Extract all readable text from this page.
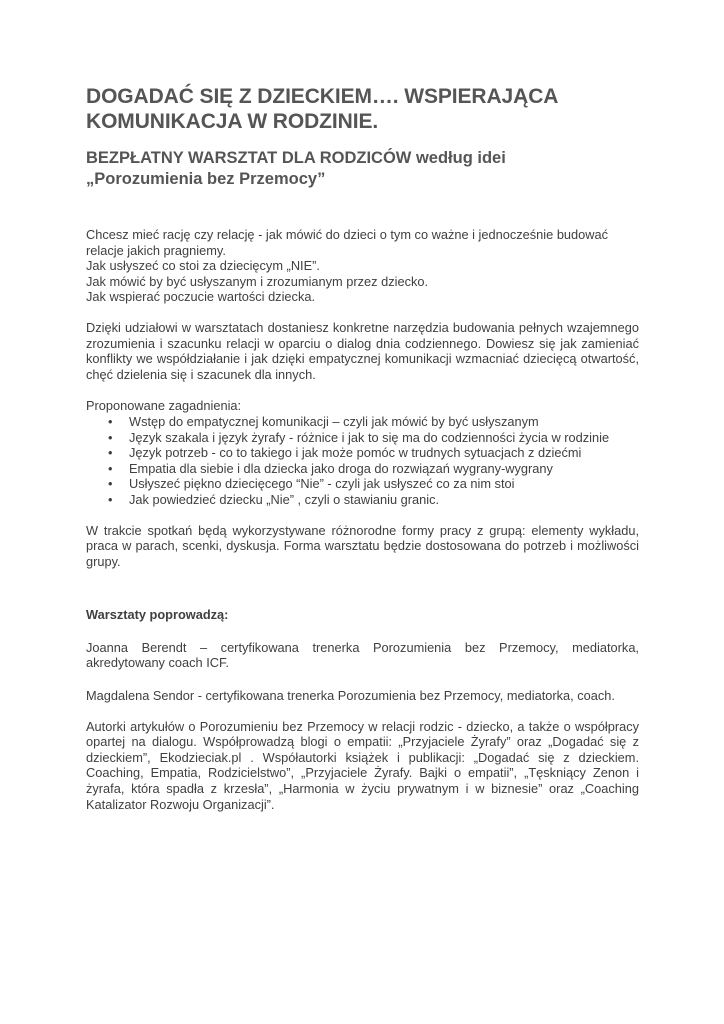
DOGADAĆ SIĘ Z DZIECKIEM…. WSPIERAJĄCA KOMUNIKACJA W RODZINIE.
BEZPŁATNY WARSZTAT DLA RODZICÓW według idei
„Porozumienia bez Przemocy”
Chcesz mieć rację czy relację - jak mówić do dzieci o tym co ważne i jednocześnie budować relacje jakich pragniemy.
Jak usłyszeć co stoi za dziecięcym „NIE”.
Jak mówić by być usłyszanym i zrozumianym przez dziecko.
Jak wspierać poczucie wartości dziecka.

Dzięki udziałowi w warsztatach dostaniesz konkretne narzędzia budowania pełnych wzajemnego zrozumienia i szacunku relacji w oparciu o dialog dnia codziennego. Dowiesz się jak zamieniać konflikty we współdziałanie i jak dzięki empatycznej komunikacji wzmacniać dziecięcą otwartość, chęć dzielenia się i szacunek dla innych.

Proponowane zagadnienia:

• Wstęp do empatycznej komunikacji – czyli jak mówić by być usłyszanym
• Język szakala i język żyrafy - różnice i jak to się ma do codzienności życia w rodzinie
• Język potrzeb - co to takiego i jak może pomóc w trudnych sytuacjach z dziećmi
• Empatia dla siebie i dla dziecka jako droga do rozwiązań wygrany-wygrany
• Usłyszeć piękno dziecięcego “Nie” - czyli jak usłyszeć co za nim stoi
• Jak powiedzieć dziecku „Nie” , czyli o stawianiu granic.

W trakcie spotkań będą wykorzystywane różnorodne formy pracy z grupą: elementy wykładu, praca w parach, scenki, dyskusja. Forma warsztatu będzie dostosowana do potrzeb i możliwości grupy.

Warsztaty poprowadzą:

Joanna Berendt – certyfikowana trenerka Porozumienia bez Przemocy, mediatorka, akredytowany coach ICF.

Magdalena Sendor - certyfikowana trenerka Porozumienia bez Przemocy, mediatorka, coach.

Autorki artykułów o Porozumieniu bez Przemocy w relacji rodzic - dziecko, a także o współpracy opartej na dialogu. Współprowadzą blogi o empatii: „Przyjaciele Żyrafy” oraz „Dogadać się z dzieckiem”, Ekodzieciak.pl . Współautorki książek i publikacji: „Dogadać się z dzieckiem. Coaching, Empatia, Rodzicielstwo”, „Przyjaciele Żyrafy. Bajki o empatii”, „Tęskniący Zenon i żyrafa, która spadła z krzesła”, „Harmonia w życiu prywatnym i w biznesie” oraz „Coaching Katalizator Rozwoju Organizacji”.
